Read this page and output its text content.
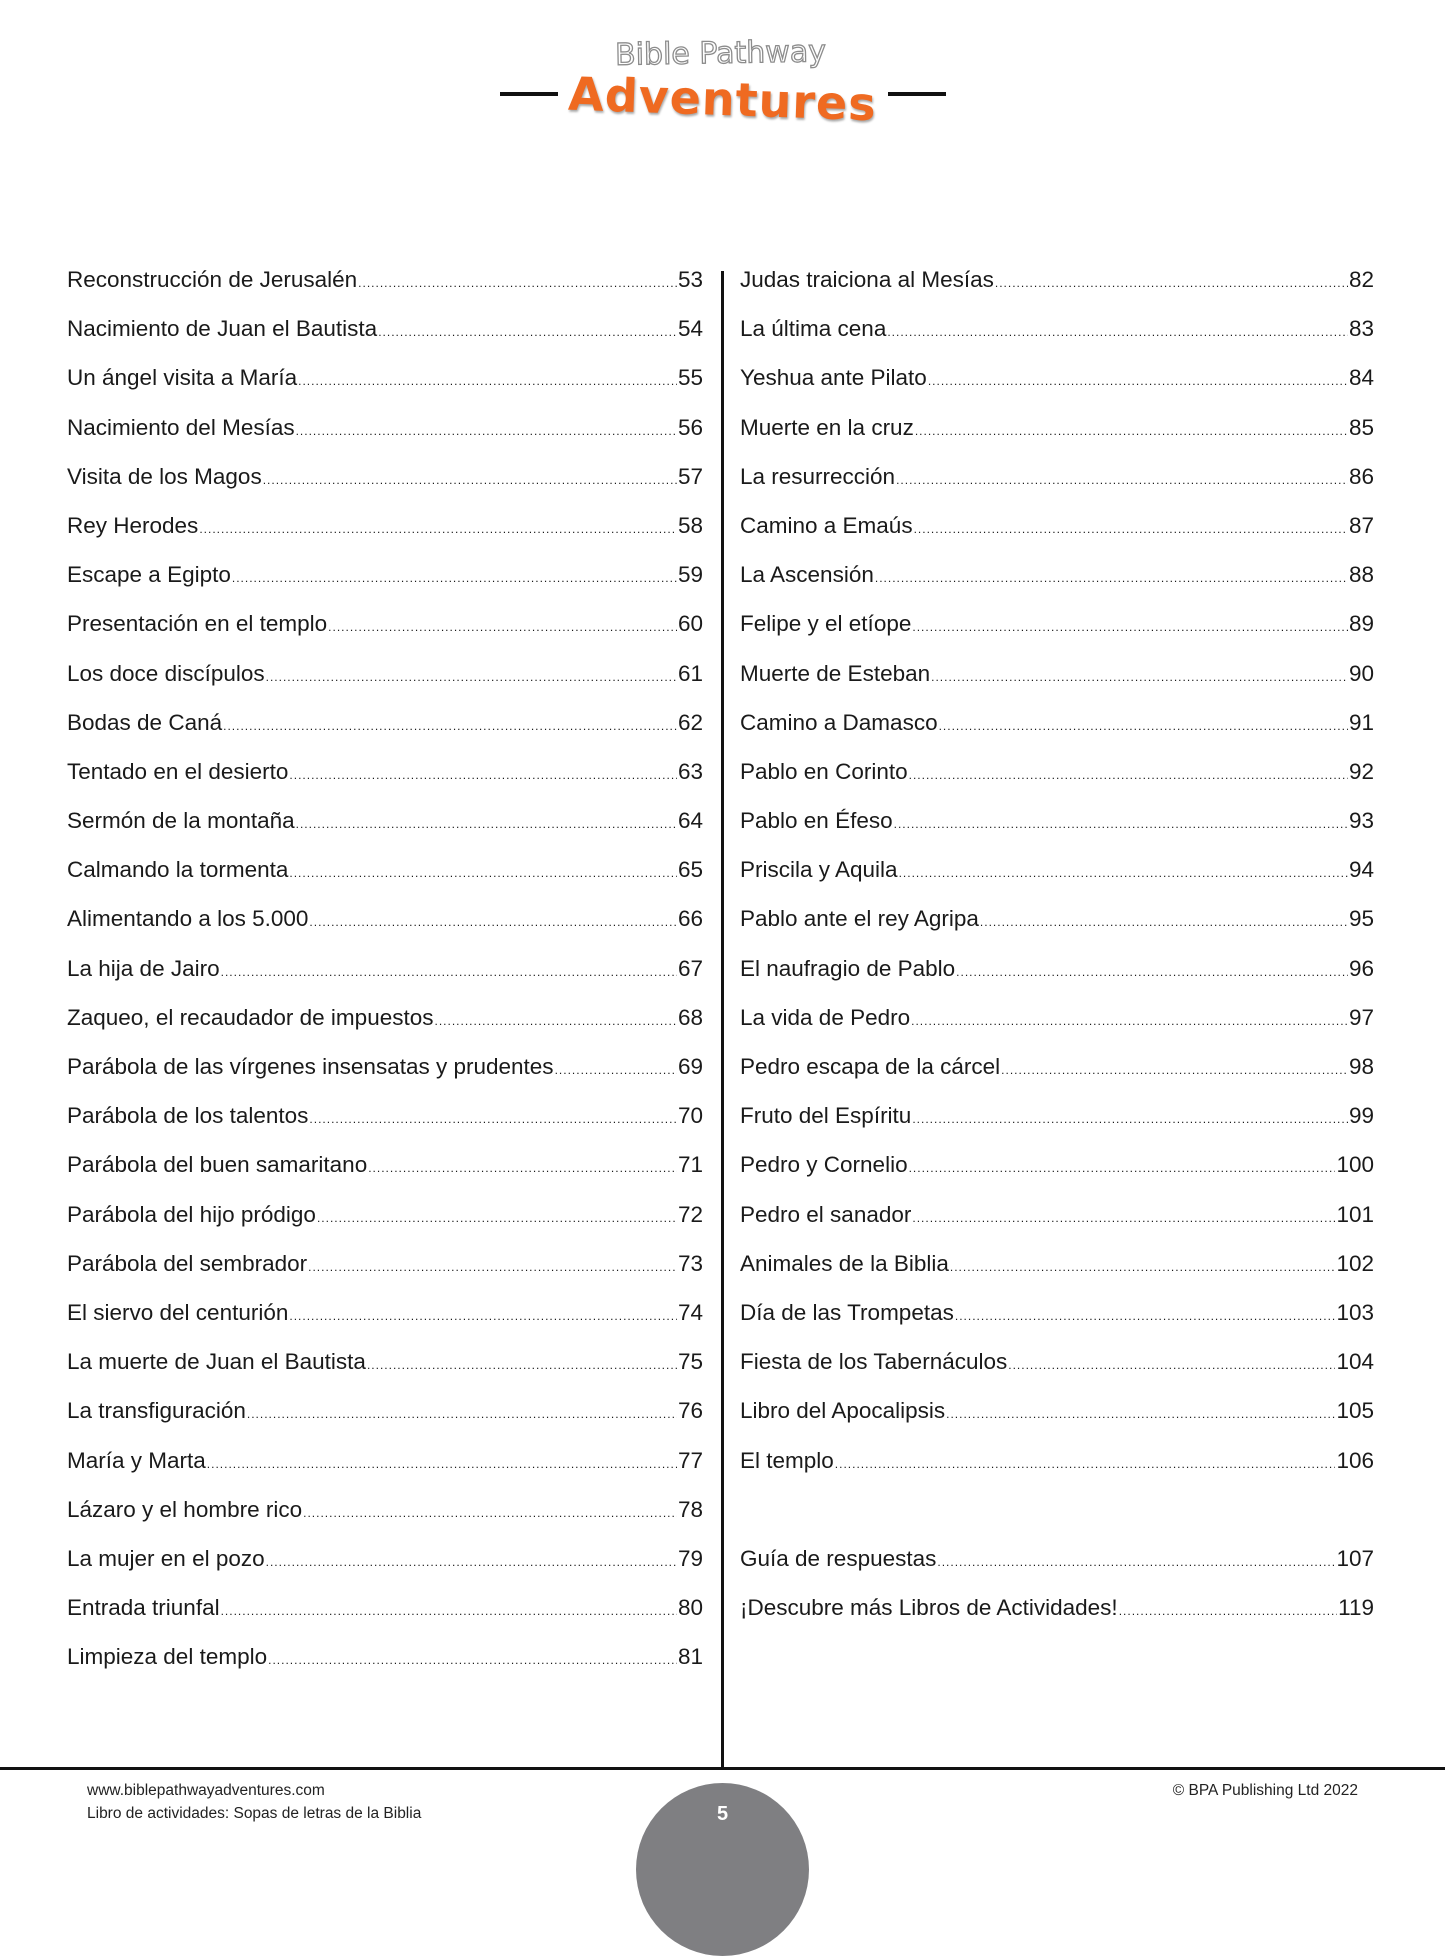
Bible Pathway
Adventures
Reconstrucción de Jerusalén .....	53
Nacimiento de Juan el Bautista .....	54
Un ángel visita a María .....	55
Nacimiento del Mesías .....	56
Visita de los Magos .....	57
Rey Herodes .....	58
Escape a Egipto .....	59
Presentación en el templo .....	60
Los doce discípulos .....	61
Bodas de Caná .....	62
Tentado en el desierto .....	63
Sermón de la montaña .....	64
Calmando la tormenta .....	65
Alimentando a los 5.000 .....	66
La hija de Jairo .....	67
Zaqueo, el recaudador de impuestos .....	68
Parábola de las vírgenes insensatas y prudentes .....	69
Parábola de los talentos .....	70
Parábola del buen samaritano .....	71
Parábola del hijo pródigo .....	72
Parábola del sembrador .....	73
El siervo del centurión .....	74
La muerte de Juan el Bautista .....	75
La transfiguración .....	76
María y Marta .....	77
Lázaro y el hombre rico .....	78
La mujer en el pozo .....	79
Entrada triunfal .....	80
Limpieza del templo .....	81
Judas traiciona al Mesías .....	82
La última cena .....	83
Yeshua ante Pilato .....	84
Muerte en la cruz .....	85
La resurrección .....	86
Camino a Emaús .....	87
La Ascensión .....	88
Felipe y el etíope .....	89
Muerte de Esteban .....	90
Camino a Damasco .....	91
Pablo en Corinto .....	92
Pablo en Éfeso .....	93
Priscila y Aquila .....	94
Pablo ante el rey Agripa .....	95
El naufragio de Pablo .....	96
La vida de Pedro .....	97
Pedro escapa de la cárcel .....	98
Fruto del Espíritu .....	99
Pedro y Cornelio .....	100
Pedro el sanador .....	101
Animales de la Biblia .....	102
Día de las Trompetas .....	103
Fiesta de los Tabernáculos .....	104
Libro del Apocalipsis .....	105
El templo .....	106
Guía de respuestas .....	107
¡Descubre más Libros de Actividades! .....	119
www.biblepathwayadventures.com
Libro de actividades: Sopas de letras de la Biblia	5
© BPA Publishing Ltd 2022
